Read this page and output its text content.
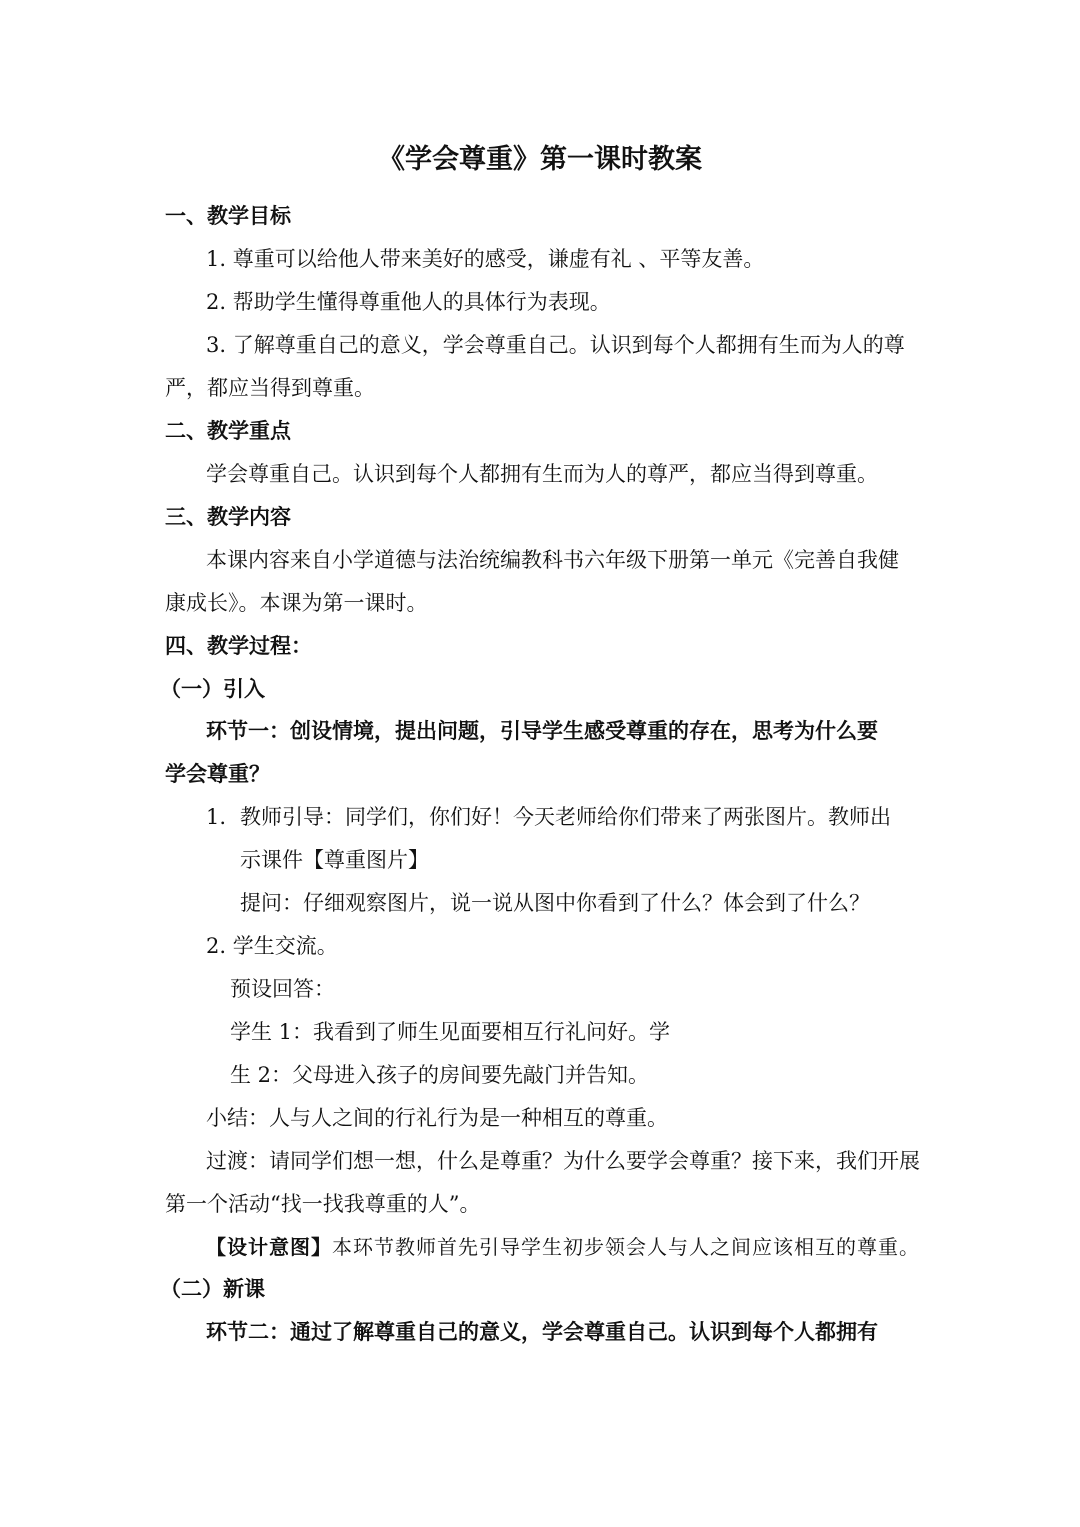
《学会尊重》第一课时教案
一、教学目标
1. 尊重可以给他人带来美好的感受，谦虚有礼 、平等友善。
2. 帮助学生懂得尊重他人的具体行为表现。
3. 了解尊重自己的意义，学会尊重自己。认识到每个人都拥有生而为人的尊
严，都应当得到尊重。
二、教学重点
学会尊重自己。认识到每个人都拥有生而为人的尊严，都应当得到尊重。
三、教学内容
本课内容来自小学道德与法治统编教科书六年级下册第一单元《完善自我健
康成长》。本课为第一课时。
四、教学过程：
（一）引入
环节一：创设情境，提出问题，引导学生感受尊重的存在，思考为什么要
学会尊重？
1. 教师引导：同学们，你们好！今天老师给你们带来了两张图片。教师出
示课件【尊重图片】
提问：仔细观察图片，说一说从图中你看到了什么？体会到了什么？
2. 学生交流。
预设回答：
学生 1：我看到了师生见面要相互行礼问好。学
生 2：父母进入孩子的房间要先敲门并告知。
小结：人与人之间的行礼行为是一种相互的尊重。
过渡：请同学们想一想，什么是尊重？为什么要学会尊重？接下来，我们开展
第一个活动“找一找我尊重的人”。
【设计意图】本环节教师首先引导学生初步领会人与人之间应该相互的尊重。
（二）新课
环节二：通过了解尊重自己的意义，学会尊重自己。认识到每个人都拥有
